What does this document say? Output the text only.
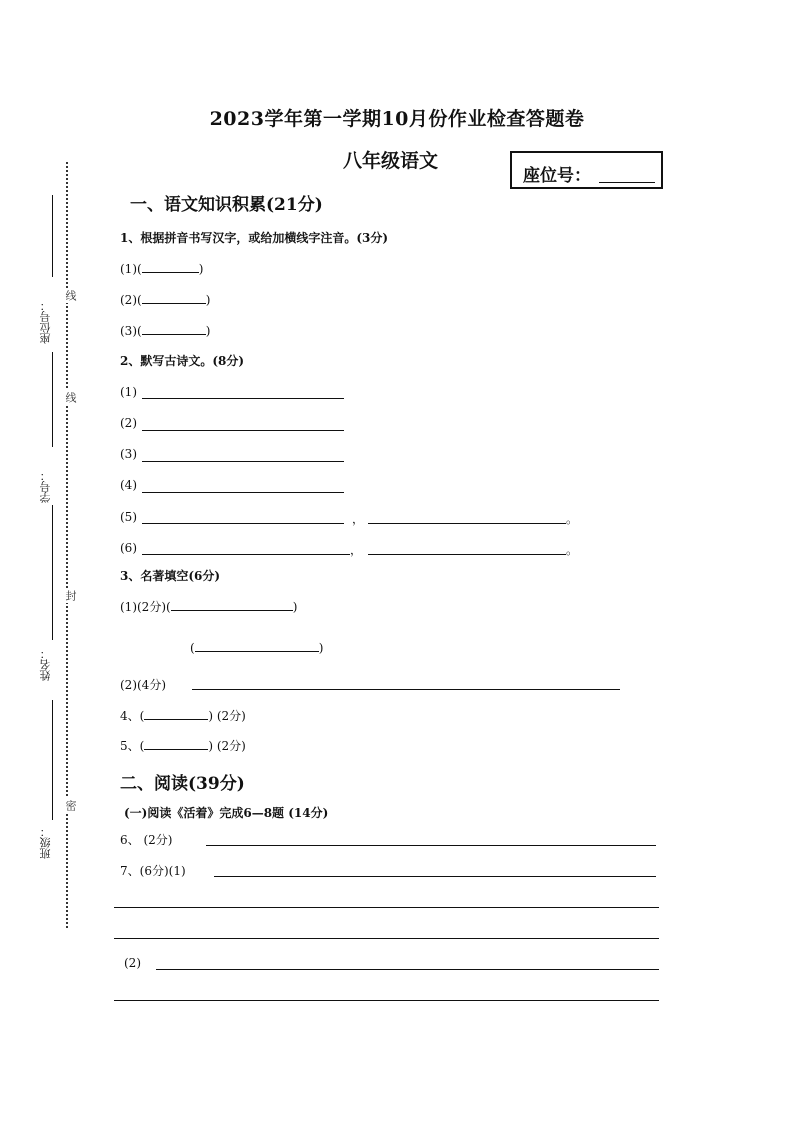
座位号：
线
线
学号：
封
姓名：
密
班级：
2023学年第一学期10月份作业检查答题卷
八年级语文
座位号：
一、语文知识积累(21分)
1、根据拼音书写汉字，或给加横线字注音。(3分)
(1)(	)
(2)(	)
(3)(	)
2、默写古诗文。(8分)
(1)
(2)
(3)
(4)
(5)	，	。
(6)	，	。
3、名著填空(6分)
(1)(2分)(	)
(	)
(2)(4分)
4、(	) (2分)
5、(	) (2分)
二、阅读(39分)
(一)阅读《活着》完成6—8题 (14分)
6、 (2分)
7、(6分)(1)
(2)
